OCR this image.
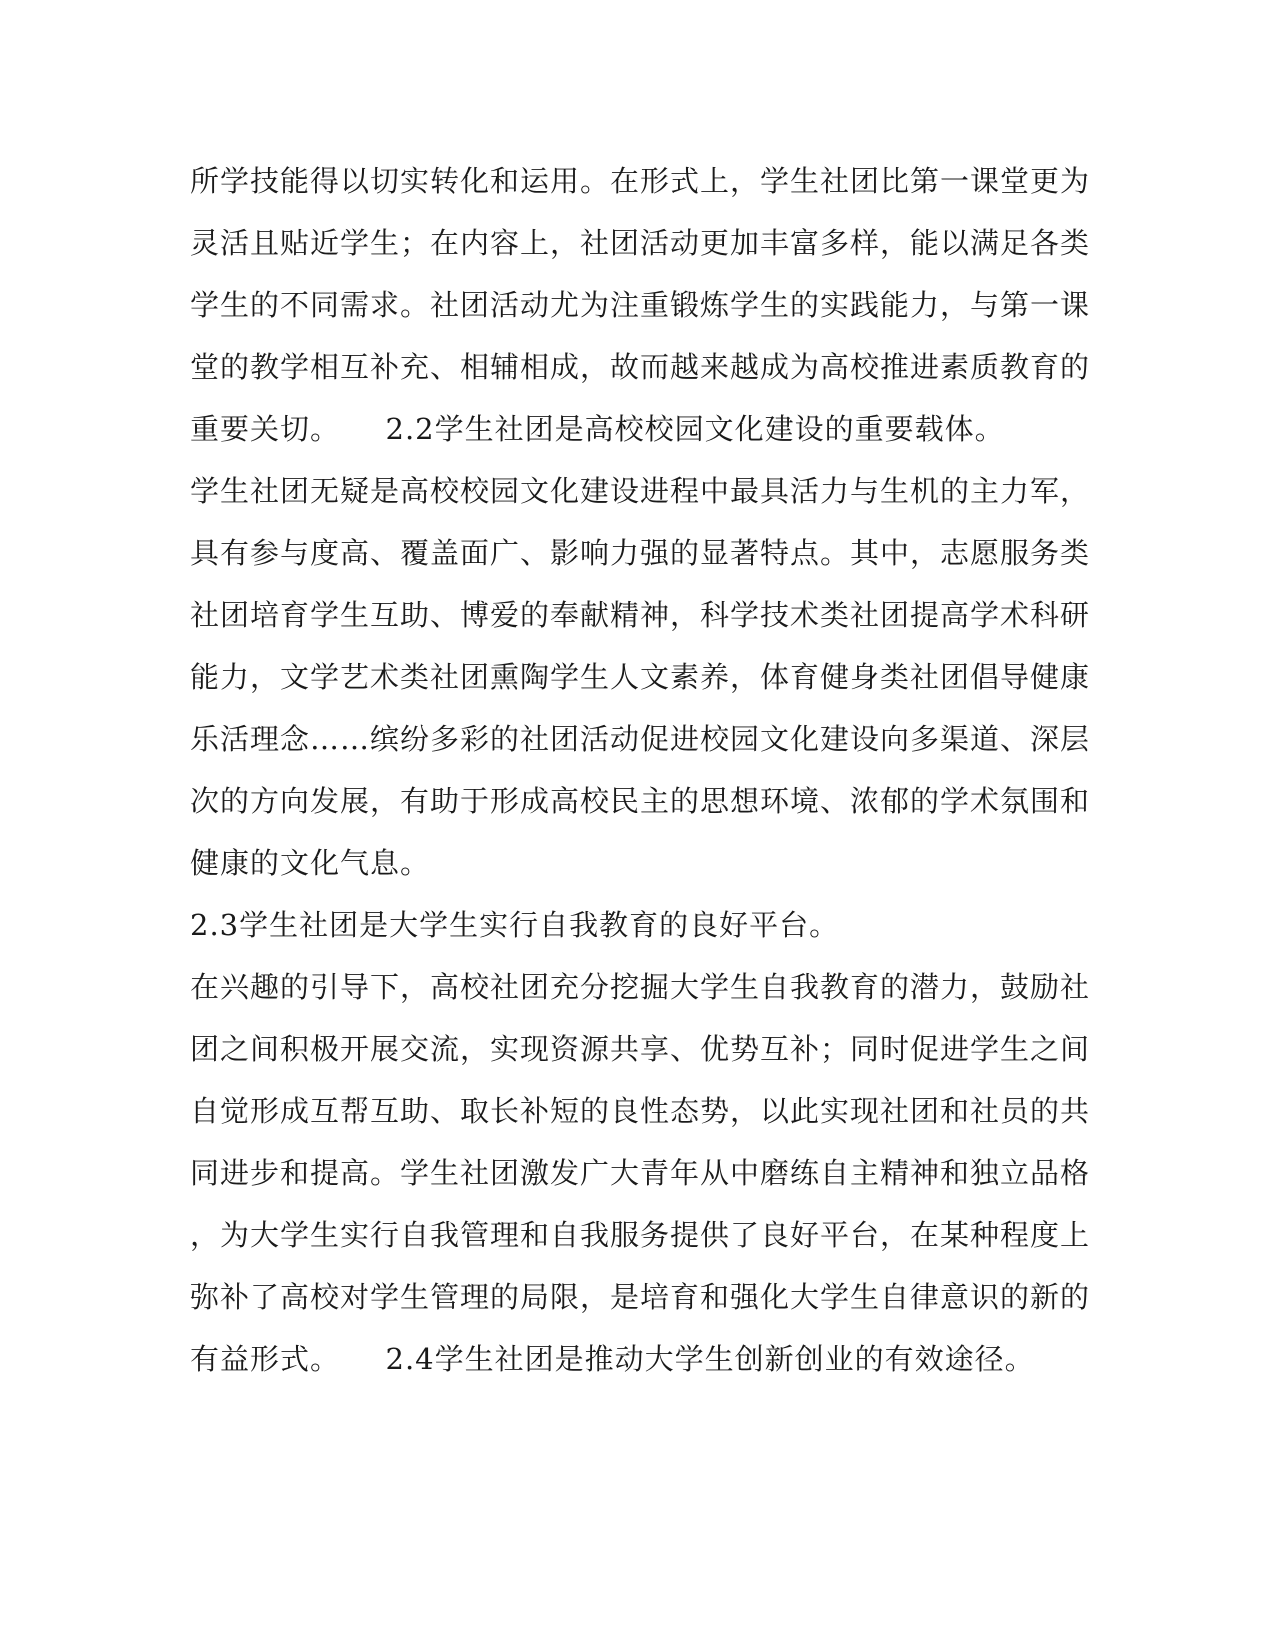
所学技能得以切实转化和运用。在形式上，学生社团比第一课堂更为
灵活且贴近学生；在内容上，社团活动更加丰富多样，能以满足各类
学生的不同需求。社团活动尤为注重锻炼学生的实践能力，与第一课
堂的教学相互补充、相辅相成，故而越来越成为高校推进素质教育的
重要关切。　　2.2学生社团是高校校园文化建设的重要载体。
学生社团无疑是高校校园文化建设进程中最具活力与生机的主力军，
具有参与度高、覆盖面广、影响力强的显著特点。其中，志愿服务类
社团培育学生互助、博爱的奉献精神，科学技术类社团提高学术科研
能力，文学艺术类社团熏陶学生人文素养，体育健身类社团倡导健康
乐活理念……缤纷多彩的社团活动促进校园文化建设向多渠道、深层
次的方向发展，有助于形成高校民主的思想环境、浓郁的学术氛围和
健康的文化气息。
2.3学生社团是大学生实行自我教育的良好平台。
在兴趣的引导下，高校社团充分挖掘大学生自我教育的潜力，鼓励社
团之间积极开展交流，实现资源共享、优势互补；同时促进学生之间
自觉形成互帮互助、取长补短的良性态势，以此实现社团和社员的共
同进步和提高。学生社团激发广大青年从中磨练自主精神和独立品格
，为大学生实行自我管理和自我服务提供了良好平台，在某种程度上
弥补了高校对学生管理的局限，是培育和强化大学生自律意识的新的
有益形式。　　2.4学生社团是推动大学生创新创业的有效途径。
